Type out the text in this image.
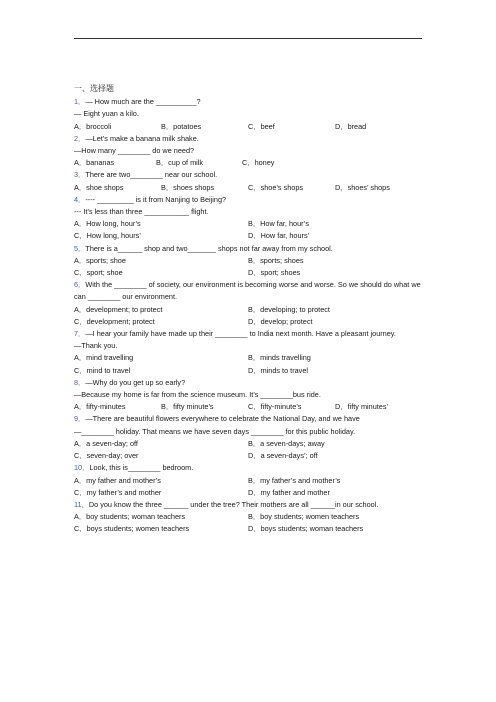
一、选择题
1．— How much are the __________?
— Eight yuan a kilo.
A．broccoli	B．potatoes	C．beef	D．bread
2．—Let’s make a banana milk shake.
—How many ________ do we need?
A．bananas	B．cup of milk	C．honey
3．There are two________ near our school.
A．shoe shops	B．shoes shops	C．shoe’s shops	D．shoes’ shops
4．---- _________ is it from Nanjing to Beijing?
--- It’s less than three ___________ flight.
A．How long, hour’s	B．How far, hour’s
C．How long, hours’	D．How far, hours’
5．There is a______ shop and two_______ shops not far away from my school.
A．sports; shoe	B．sports; shoes
C．sport; shoe	D．sport; shoes
6．With the ________ of society, our environment is becoming worse and worse. So we should do what we can ________ our environment.
A．development; to protect	B．developing; to protect
C．development; protect	D．develop; protect
7．—I hear your family have made up their ________ to India next month. Have a pleasant journey.
—Thank you.
A．mind travelling	B．minds travelling
C．mind to travel	D．minds to travel
8．—Why do you get up so early?
—Because my home is far from the science museum. It’s ________bus ride.
A．fifty-minutes	B．fifty minute’s	C．fifty-minute’s	D．fifty minutes’
9．—There are beautiful flowers everywhere to celebrate the National Day, and we have
—________ holiday. That means we have seven days ________ for this public holiday.
A．a seven-day; off	B．a seven-days; away
C．seven-day; over	D．a seven-days’; off
10．Look, this is________ bedroom.
A．my father and mother’s	B．my father’s and mother’s
C．my father’s and mother	D．my father and mother
11．Do you know the three ______ under the tree? Their mothers are all ______in our school.
A．boy students; woman teachers	B．boy students; women teachers
C．boys students; women teachers	D．boys students; woman teachers
